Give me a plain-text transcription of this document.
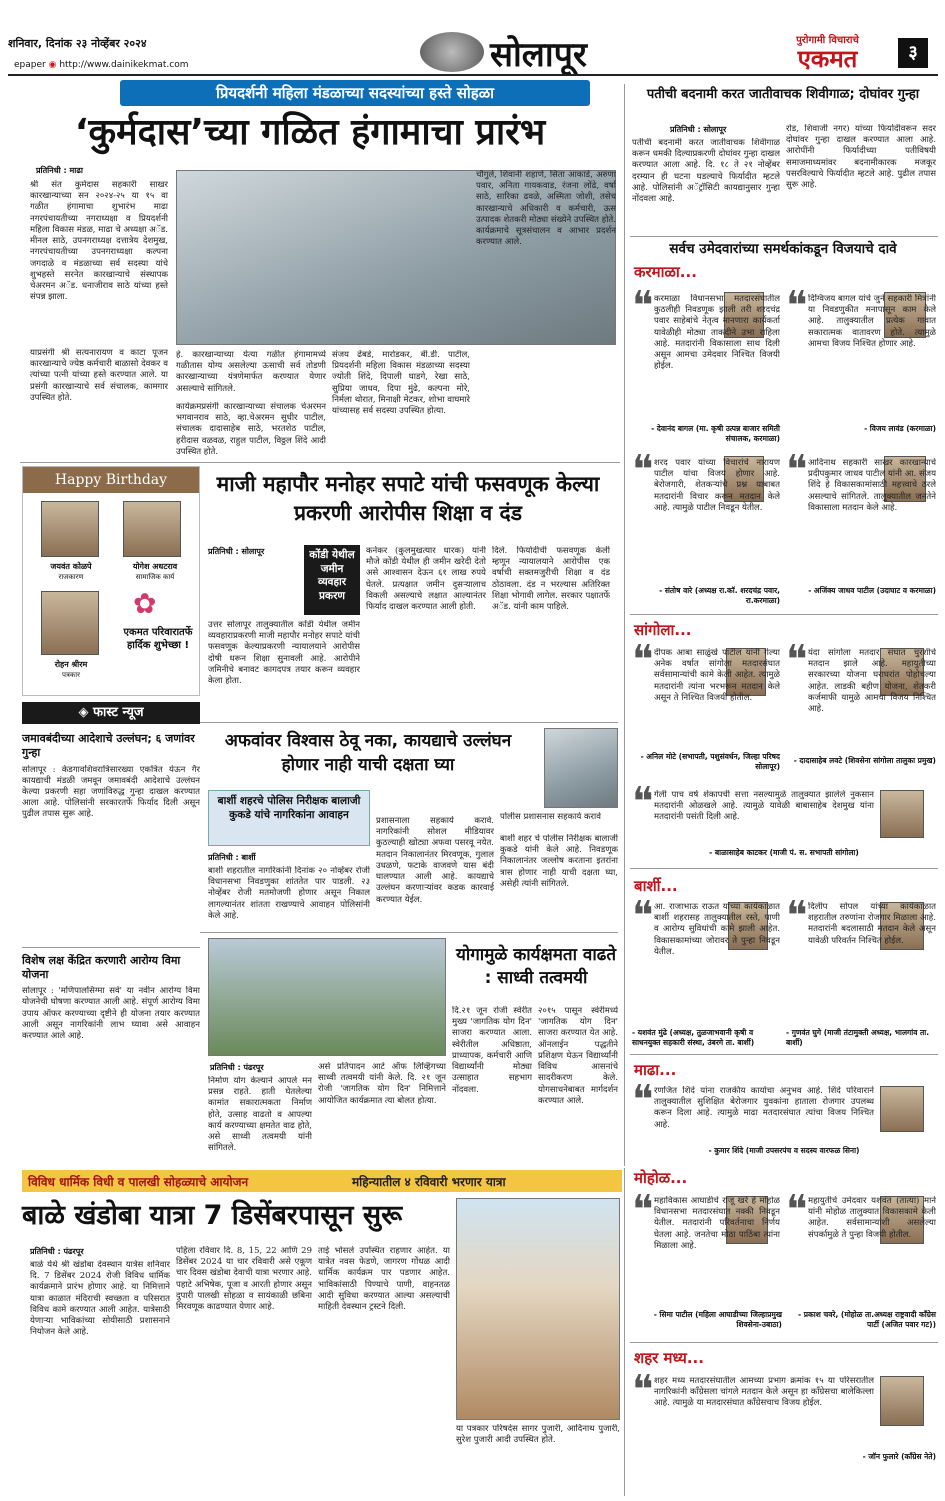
शनिवार, दिनांक २३ नोव्हेंबर २०२४
epaper ◉ http://www.dainikekmat.com	सोलापूर	पुरोगामी विचाराचे
एकमत	३
प्रियदर्शनी महिला मंडळाच्या सदस्यांच्या हस्ते सोहळा
‘कुर्मदास’च्या गळित हंगामाचा प्रारंभ
प्रतिनिधी : माढा
श्री संत कुर्मदास सहकारी साखर कारखान्याच्या सन २०२४-२५ या १५ वा गळीत हंगामाचा शुभारंभ माढा नगरपंचायतीच्या नगराध्यक्षा व प्रियदर्शनी महिला विकास मंडळ, माढा चे अध्यक्षा अॅड. मीनल साठे, उपनगराध्यक्ष दत्तात्रेय देशमुख, नगरपंचायतीच्या उपनगराध्यक्षा कल्पना जगदाळे व मंडळाच्या सर्व सदस्या यांचे शुभहस्ते सरनेत कारखान्याचे संस्थापक चेअरमन अॅड. धनाजीराव साठे यांच्या हस्ते संपन्न झाला.
याप्रसंगी श्री सत्यनारायण व काटा पूजन कारखान्याचे ज्येष्ठ कर्मचारी बाळासो देवकर व त्यांच्या पत्नी यांच्या हस्ते करण्यात आले. या प्रसंगी कारखान्याचे सर्व संचालक, कामगार उपस्थित होते.
हे. कारखान्याच्या येत्या गळीत हंगामामध्ये गळीतास योग्य असलेल्या ऊसाची सर्व तोडणी कारखान्याच्या यंत्रणेमार्फत करण्यात येणार असल्याचे सांगितले.
कार्यक्रमप्रसंगी कारखान्याच्या संचालक चेअरमन भगवानराव साठे, व्हा.चेअरमन सुधीर पाटील, संचालक दादासाहेब साठे, भरतशेठ पाटील, हरीदास वळवळ, राहुल पाटील, विठ्ठल शिंदे आदी उपस्थित होते.
संजय ढेंबडे, मारोडकर, बी.डी. पाटील, प्रियदर्शनी महिला विकास मंडळाच्या सदस्या ज्योती शिंदे, दिपाली घाडगे, रेखा साठे, सुप्रिया जाधव, दिपा मुंढे, कल्पना मोरे, निर्मला थोरात, मिनाक्षी मेटकर, शोभा वाघमारे यांच्यासह सर्व सदस्या उपस्थित होत्या.
चौगुले, शिवानी शहाणे, सिता आकाडे, अरुणा पवार, अनिता गायकवाड, रंजना लोंढे, वर्षा साठे, सारिका ढवळे, अस्मिता जोशी, तसेच कारखान्याचे अधिकारी व कर्मचारी, ऊस उत्पादक शेतकरी मोठ्या संख्येने उपस्थित होते. कार्यक्रमाचे सूत्रसंचालन व आभार प्रदर्शन करण्यात आले.
Happy Birthday
जयवंत कोळपे
राजकारण
योगेश अधटराव
सामाजिक कार्य
रोहन श्रीरम
पत्रकार
✿
एकमत परिवारातर्फे हार्दिक शुभेच्छा !
माजी महापौर मनोहर सपाटे यांची फसवणूक केल्या प्रकरणी आरोपीस शिक्षा व दंड
प्रतिनिधी : सोलापूर	कोंडी येथील जमीन व्यवहार प्रकरण
उत्तर सोलापूर तालुक्यातील कोंडी येथील जमीन व्यवहाराप्रकरणी माजी महापौर मनोहर सपाटे यांची फसवणूक केल्याप्रकरणी न्यायालयाने आरोपीस दोषी धरून शिक्षा सुनावली आहे. आरोपीने जमिनीचे बनावट कागदपत्र तयार करून व्यवहार केला होता.
कनेकर (कुलमुखत्यार धारक) यांनी मौजे कोंडी येथील ही जमीन खरेदी देतो असे आश्वासन देऊन ६१ लाख रुपये घेतले. प्रत्यक्षात जमीन दुसऱ्यालाच विकली असल्याचे लक्षात आल्यानंतर फिर्याद दाखल करण्यात आली होती.
दिले. फिर्यादीची फसवणूक केली म्हणून न्यायालयाने आरोपीस एक वर्षाची सक्तमजुरीची शिक्षा व दंड ठोठावला. दंड न भरल्यास अतिरिक्त शिक्षा भोगावी लागेल. सरकार पक्षातर्फे अॅड. यांनी काम पाहिले.
◈ फास्ट न्यूज
जमावबंदीच्या आदेशाचे उल्लंघन; ६ जणांवर गुन्हा
सोलापूर : केडगावशिवरात्रिसारख्या एकत्रित येऊन गैर कायद्याची मंडळी जमवून जमावबंदी आदेशाचे उल्लंघन केल्या प्रकरणी सहा जणांविरुद्ध गुन्हा दाखल करण्यात आला आहे. पोलिसांनी सरकारतर्फे फिर्याद दिली असून पुढील तपास सुरू आहे.
विशेष लक्ष केंद्रित करणारी आरोग्य विमा योजना
सोलापूर : 'मणिपालसिग्मा सर्व' या नवीन आरोग्य विमा योजनेची घोषणा करण्यात आली आहे. संपूर्ण आरोग्य विमा उपाय ऑफर करण्याच्या दृष्टीने ही योजना तयार करण्यात आली असून नागरिकांनी लाभ घ्यावा असे आवाहन करण्यात आले आहे.
अफवांवर विश्वास ठेवू नका, कायद्याचे उल्लंघन होणार नाही याची दक्षता घ्या
बार्शी शहरचे पोलिस निरीक्षक बालाजी कुकडे यांचे नागरिकांना आवाहन
प्रतिनिधी : बार्शी
बार्शी शहरातील नागरिकांनी दिनांक २० नोव्हेंबर रोजी विधानसभा निवडणुका शांततेत पार पाडली. २३ नोव्हेंबर रोजी मतमोजणी होणार असून निकाल लागल्यानंतर शांतता राखण्याचे आवाहन पोलिसांनी केले आहे.
प्रशासनाला सहकार्य करावे. नागरिकांनी सोशल मीडियावर कुठल्याही खोट्या अफवा पसरवू नयेत. मतदान निकालानंतर मिरवणूक, गुलाल उधळणे, फटाके वाजवणे यास बंदी घालण्यात आली आहे. कायद्याचे उल्लंघन करणाऱ्यांवर कडक कारवाई करण्यात येईल.
पोलीस प्रशासनास सहकार्य करावे
बार्शी शहर चे पोलीस निरीक्षक बालाजी कुकडे यांनी केले आहे. निवडणूक निकालानंतर जल्लोष करताना इतरांना त्रास होणार नाही याची दक्षता घ्या, असेही त्यांनी सांगितले.
योगामुळे कार्यक्षमता वाढते : साध्वी तत्वमयी
प्रतिनिधी : पंढरपूर
निर्माण योग केल्याने आपले मन प्रसन्न राहते. हाती घेतलेल्या कामांत सकारात्मकता निर्माण होते, उत्साह वाढतो व आपल्या कार्य करण्याच्या क्षमतेत वाढ होते, असे साध्वी तत्वमयी यांनी सांगितले.
असे प्रतिपादन आर्ट ऑफ लिव्हिंगच्या साध्वी तत्वमयी यांनी केले. दि. २१ जून रोजी 'जागतिक योग दिन' निमित्ताने आयोजित कार्यक्रमात त्या बोलत होत्या.
दि.२१ जून रोजी स्वेरीत मुख्य 'जागतिक योग दिन' साजरा करण्यात आला. स्वेरीतील अधिष्ठाता, प्राध्यापक, कर्मचारी आणि विद्यार्थ्यांनी मोठ्या उत्साहात सहभाग नोंदवला.
२०१५ पासून स्वेरीमध्ये 'जागतिक योग दिन' साजरा करण्यात येत आहे. ऑनलाईन पद्धतीने प्रशिक्षण घेऊन विद्यार्थ्यांनी विविध आसनांचे सादरीकरण केले. योगसाधनेबाबत मार्गदर्शन करण्यात आले.
पतीची बदनामी करत जातीवाचक शिवीगाळ; दोघांवर गुन्हा
प्रतिनिधी : सोलापूर
पतीची बदनामी करत जातीवाचक शिवीगाळ करून धमकी दिल्याप्रकरणी दोघांवर गुन्हा दाखल करण्यात आला आहे. दि. १८ ते २१ नोव्हेंबर दरम्यान ही घटना घडल्याचे फिर्यादीत म्हटले आहे. पोलिसांनी अॅट्रॉसिटी कायद्यानुसार गुन्हा नोंदवला आहे.
रोड, शिवाजी नगर) यांच्या फिर्यादीवरून सदर दोघांवर गुन्हा दाखल करण्यात आला आहे. आरोपींनी फिर्यादीच्या पतीविषयी समाजमाध्यमांवर बदनामीकारक मजकूर पसरविल्याचे फिर्यादीत म्हटले आहे. पुढील तपास सुरू आहे.
सर्वच उमेदवारांच्या समर्थकांकडून विजयाचे दावे
करमाळा...
❝ करमाळा विधानसभा मतदारसंघातील कुठलीही निवडणूक झाली तरी शरदचंद्र पवार साहेबांचे नेतृत्व मानणारा कार्यकर्ता यावेळीही मोठ्या ताकदीने उभा राहिला आहे. मतदारांनी विकासाला साथ दिली असून आमचा उमेदवार निश्चित विजयी होईल.
- देवानंद बागल (मा. कृषी उत्पन्न बाजार समिती संचालक, करमाळा)
❝ दिग्विजय बागल यांचे जुने सहकारी मित्रांनी या निवडणुकीत मनापासून काम केले आहे. तालुक्यातील प्रत्येक गावात सकारात्मक वातावरण होते. त्यामुळे आमचा विजय निश्चित होणार आहे.
- विजय लावंड (करमाळा)
❝ शरद पवार यांच्या विचारांचे नारायण पाटील यांचा विजय होणार आहे. बेरोजगारी, शेतकऱ्यांचे प्रश्न याबाबत मतदारांनी विचार करून मतदान केले आहे. त्यामुळे पाटील निवडून येतील.
- संतोष वारे (अध्यक्ष रा.कॉ. शरदचंद्र पवार, रा.करमाळा)
❝ आदिनाथ सहकारी साखर कारखान्याचे प्रदीपकुमार जाधव पाटील यांनी आ. संजय शिंदे हे विकासकामांसाठी महत्त्वाचे ठरले असल्याचे सांगितले. तालुक्यातील जनतेने विकासाला मतदान केले आहे.
- अजिंक्य जाधव पाटील (उदाघाट व करमाळा)
सांगोला...
❝ दीपक आबा साळुंखे पाटील यांनी गेल्या अनेक वर्षात सांगोला मतदारसंघात सर्वसामान्यांची कामे केली आहेत. त्यामुळे मतदारांनी त्यांना भरभरून मतदान केले असून ते निश्चित विजयी होतील.
- अनिल मोटे (सभापती, पशुसंवर्धन, जिल्हा परिषद सोलापूर)
❝ यंदा सांगोला मतदार संघात चुरशीचे मतदान झाले आहे. महायुतीच्या सरकारच्या योजना घराघरांत पोहोचल्या आहेत. लाडकी बहीण योजना, शेतकरी कर्जमाफी यामुळे आमचा विजय निश्चित आहे.
- दादासाहेब लवटे (शिवसेना सांगोला तालुका प्रमुख)
❝ गेली पाच वर्ष शेकापची सत्ता नसल्यामुळे तालुक्यात झालेले नुकसान मतदारांनी ओळखले आहे. त्यामुळे यावेळी बाबासाहेब देशमुख यांना मतदारांनी पसंती दिली आहे.
- बाळासाहेब काटकर (माजी पं. स. सभापती सांगोला)
बार्शी...
❝ आ. राजाभाऊ राऊत यांच्या कार्यकाळात बार्शी शहरासह तालुक्यातील रस्ते, पाणी व आरोग्य सुविधांची कामे झाली आहेत. विकासकामांच्या जोरावर ते पुन्हा निवडून येतील.
- यशवंत मुंढे (अध्यक्ष, तुळजाभवानी कृषी व साधनयुक्त सहकारी संस्था, उंबरगे ता. बार्शी)
❝ दिलीप सोपल यांच्या कार्यकाळात शहरातील तरुणांना रोजगार मिळाला आहे. मतदारांनी बदलासाठी मतदान केले असून यावेळी परिवर्तन निश्चित होईल.
- गुणवंत घुगे (माजी तंटामुक्ती अध्यक्ष, भालगांव ता. बार्शी)
माढा...
❝ रणजित शिंदे यांना राजकीय कार्याचा अनुभव आहे. शिंदे परिवाराने तालुक्यातील सुशिक्षित बेरोजगार युवकांना हाताला रोजगार उपलब्ध करून दिला आहे. त्यामुळे माढा मतदारसंघात त्यांचा विजय निश्चित आहे.
- कुमार शिंदे (माजी उपसरपंच व सदस्य वारफळ सिना)
विविध धार्मिक विधी व पालखी सोहळ्याचे आयोजन	महिन्यातील ४ रविवारी भरणार यात्रा
बाळे खंडोबा यात्रा 7 डिसेंबरपासून सुरू
प्रतिनिधी : पंढरपूर
बाळे येथे श्री खंडोबा देवस्थान यात्रेस शनिवार दि. 7 डिसेंबर 2024 रोजी विविध धार्मिक कार्यक्रमाने प्रारंभ होणार आहे. या निमित्ताने यात्रा काळात मंदिराची स्वच्छता व परिसरात विविध कामे करण्यात आली आहेत. यात्रेसाठी येणाऱ्या भाविकांच्या सोयीसाठी प्रशासनाने नियोजन केले आहे.
पहिला रविवार दि. 8, 15, 22 आणि 29 डिसेंबर 2024 या चार रविवारी असे एकूण चार दिवस खंडोबा देवाची यात्रा भरणार आहे. पहाटे अभिषेक, पूजा व आरती होणार असून दुपारी पालखी सोहळा व सायंकाळी छबिना मिरवणूक काढण्यात येणार आहे.
ताई भोसले उपस्थित राहणार आहेत. या यात्रेत नवस फेडणे, जागरण गोंधळ आदी धार्मिक कार्यक्रम पार पडणार आहेत. भाविकांसाठी पिण्याचे पाणी, वाहनतळ आदी सुविधा करण्यात आल्या असल्याची माहिती देवस्थान ट्रस्टने दिली.
या पत्रकार परिषदेस सागर पुजारी, आदिनाथ पुजारी, सुरेश पुजारी आदी उपस्थित होते.
मोहोळ...
❝ महाविकास आघाडीचे राजू खरे हे मोहोळ विधानसभा मतदारसंघात नक्की निवडून येतील. मतदारांनी परिवर्तनाचा निर्णय घेतला आहे. जनतेचा मोठा पाठिंबा त्यांना मिळाला आहे.
- सिमा पाटील (महिला आघाडीच्या जिल्हाप्रमुख शिवसेना-उबाठा)
❝ महायुतीचे उमेदवार यशवंत (तात्या) माने यांनी मोहोळ तालुक्यात विकासकामे केली आहेत. सर्वसामान्यांशी असलेल्या संपर्कामुळे ते पुन्हा विजयी होतील.
- प्रकाश चवरे, (मोहोळ ता.अध्यक्ष राष्ट्रवादी काँग्रेस पार्टी (अजित पवार गट))
शहर मध्य...
❝ शहर मध्य मतदारसंघातील आमच्या प्रभाग क्रमांक १५ या परिसरातील नागरिकांनी काँग्रेसला चांगले मतदान केले असून हा काँग्रेसचा बालेकिल्ला आहे. त्यामुळे या मतदारसंघात काँग्रेसचाच विजय होईल.
- जॉन फुलारे (काँग्रेस नेते)
